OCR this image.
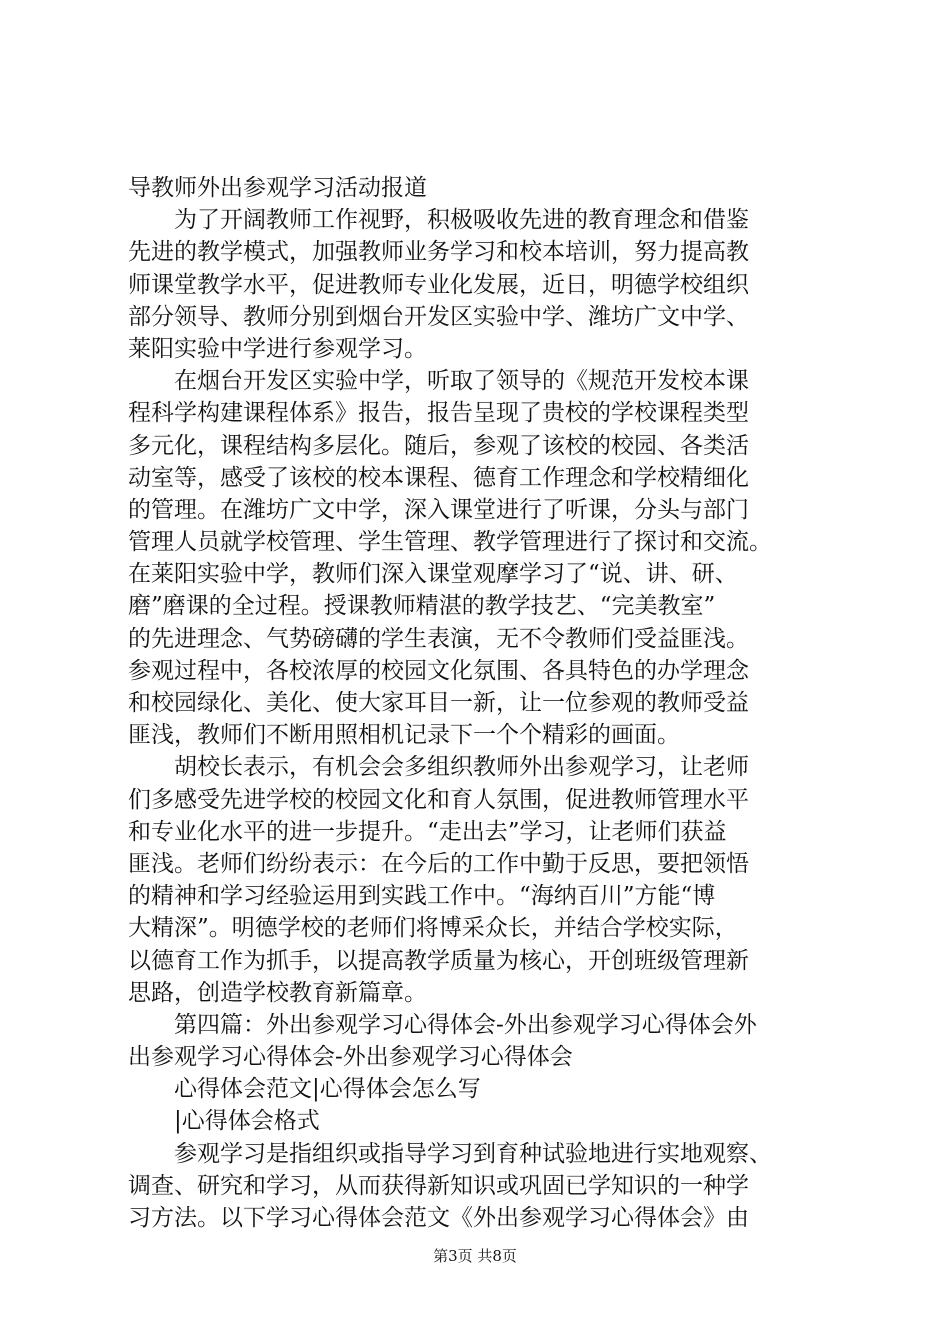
导教师外出参观学习活动报道
　　为了开阔教师工作视野，积极吸收先进的教育理念和借鉴
先进的教学模式，加强教师业务学习和校本培训，努力提高教
师课堂教学水平，促进教师专业化发展，近日，明德学校组织
部分领导、教师分别到烟台开发区实验中学、潍坊广文中学、
莱阳实验中学进行参观学习。
　　在烟台开发区实验中学，听取了领导的《规范开发校本课
程科学构建课程体系》报告，报告呈现了贵校的学校课程类型
多元化，课程结构多层化。随后，参观了该校的校园、各类活
动室等，感受了该校的校本课程、德育工作理念和学校精细化
的管理。在潍坊广文中学，深入课堂进行了听课，分头与部门
管理人员就学校管理、学生管理、教学管理进行了探讨和交流。
在莱阳实验中学，教师们深入课堂观摩学习了“说、讲、研、
磨”磨课的全过程。授课教师精湛的教学技艺、“完美教室”
的先进理念、气势磅礴的学生表演，无不令教师们受益匪浅。
参观过程中，各校浓厚的校园文化氛围、各具特色的办学理念
和校园绿化、美化、使大家耳目一新，让一位参观的教师受益
匪浅，教师们不断用照相机记录下一个个精彩的画面。
　　胡校长表示，有机会会多组织教师外出参观学习，让老师
们多感受先进学校的校园文化和育人氛围，促进教师管理水平
和专业化水平的进一步提升。“走出去”学习，让老师们获益
匪浅。老师们纷纷表示：在今后的工作中勤于反思，要把领悟
的精神和学习经验运用到实践工作中。“海纳百川”方能“博
大精深”。明德学校的老师们将博采众长，并结合学校实际，
以德育工作为抓手，以提高教学质量为核心，开创班级管理新
思路，创造学校教育新篇章。
　　第四篇：外出参观学习心得体会-外出参观学习心得体会外
出参观学习心得体会-外出参观学习心得体会
　　心得体会范文|心得体会怎么写
　　|心得体会格式
　　参观学习是指组织或指导学习到育种试验地进行实地观察、
调查、研究和学习，从而获得新知识或巩固已学知识的一种学
习方法。以下学习心得体会范文《外出参观学习心得体会》由
第3页 共8页
